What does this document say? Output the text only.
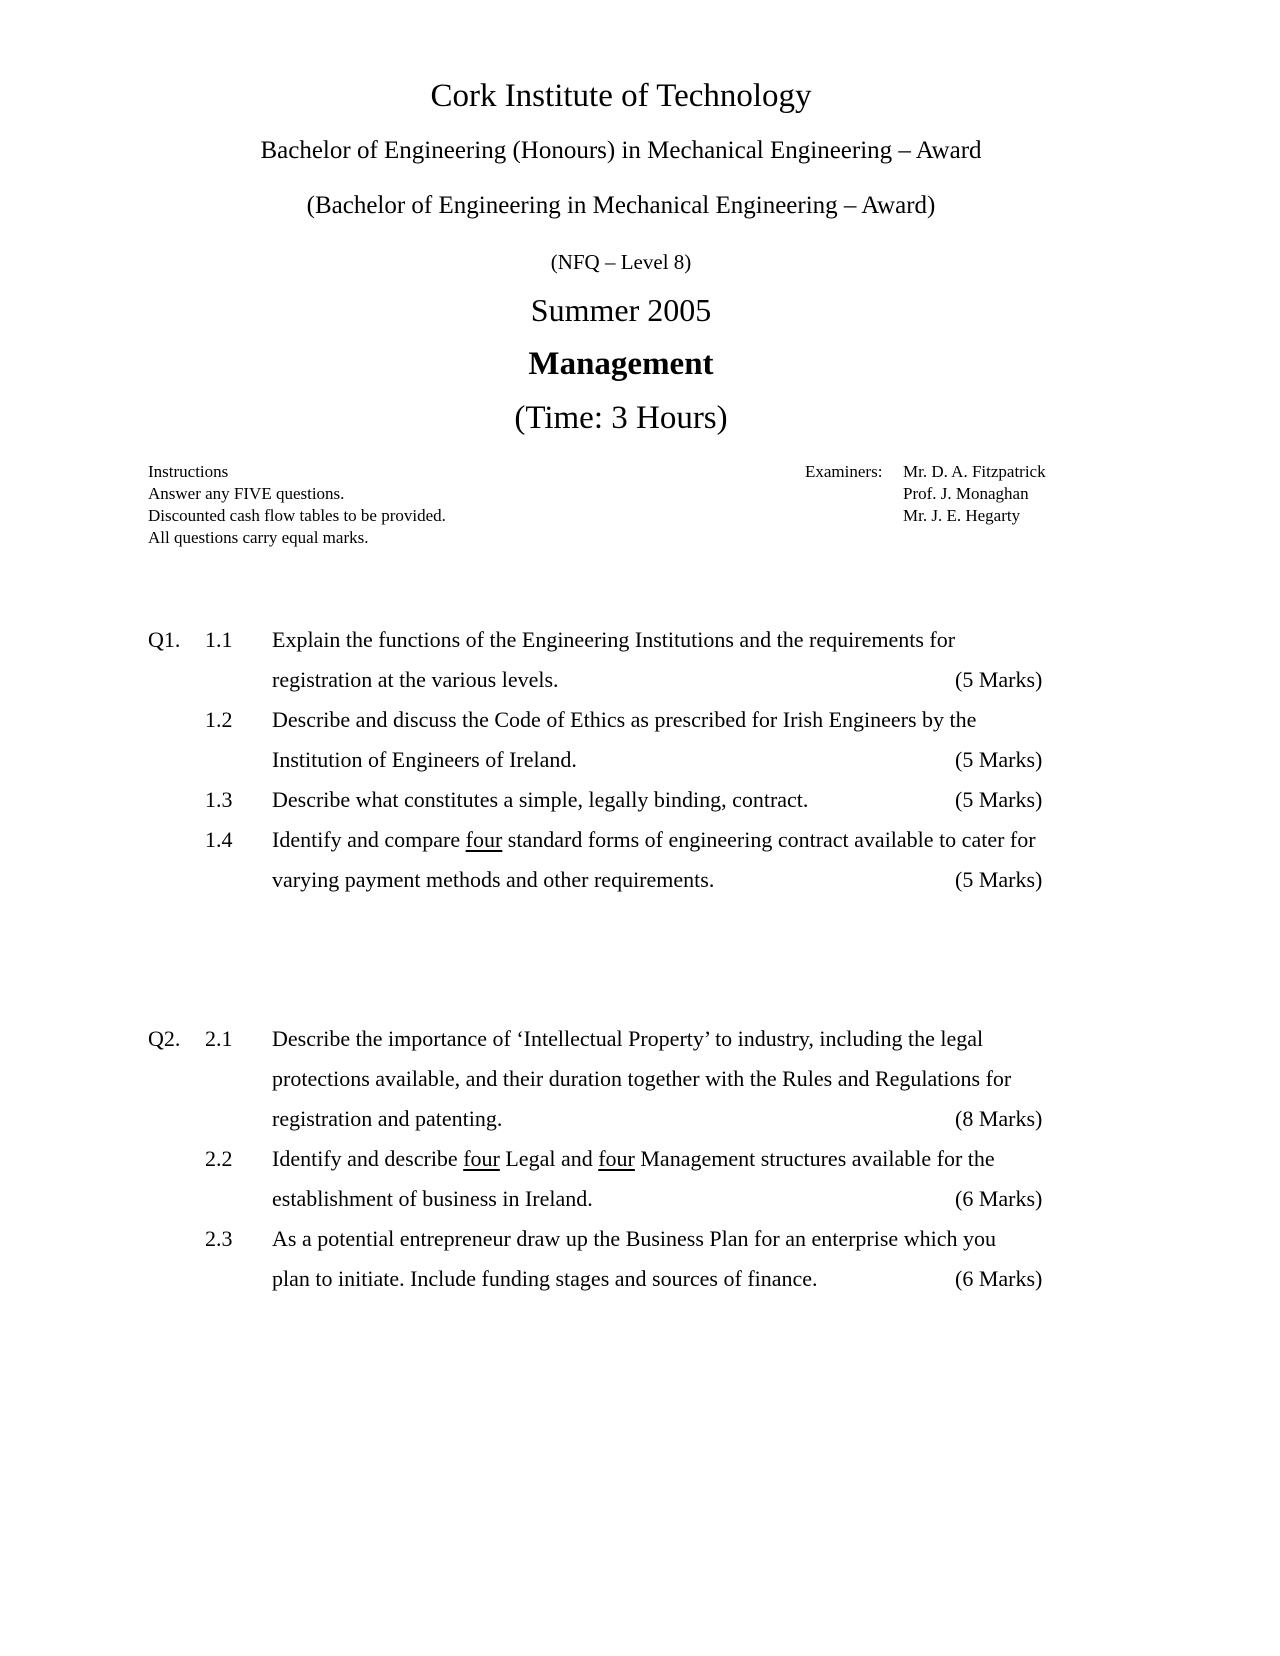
Cork Institute of Technology
Bachelor of Engineering (Honours) in Mechanical Engineering – Award
(Bachelor of Engineering in Mechanical Engineering – Award)
(NFQ – Level 8)
Summer 2005
Management
(Time: 3 Hours)
Instructions
Answer any FIVE questions.
Discounted cash flow tables to be provided.
All questions carry equal marks.
Examiners: Mr. D. A. Fitzpatrick
Prof. J. Monaghan
Mr. J. E. Hegarty
Q1. 1.1 Explain the functions of the Engineering Institutions and the requirements for
registration at the various levels.	(5 Marks)
1.2 Describe and discuss the Code of Ethics as prescribed for Irish Engineers by the
Institution of Engineers of Ireland.	(5 Marks)
1.3 Describe what constitutes a simple, legally binding, contract.	(5 Marks)
1.4 Identify and compare four standard forms of engineering contract available to cater for
varying payment methods and other requirements.	(5 Marks)
Q2. 2.1 Describe the importance of ‘Intellectual Property’ to industry, including the legal
protections available, and their duration together with the Rules and Regulations for
registration and patenting.	(8 Marks)
2.2 Identify and describe four Legal and four Management structures available for the
establishment of business in Ireland.	(6 Marks)
2.3 As a potential entrepreneur draw up the Business Plan for an enterprise which you
plan to initiate. Include funding stages and sources of finance.	(6 Marks)
